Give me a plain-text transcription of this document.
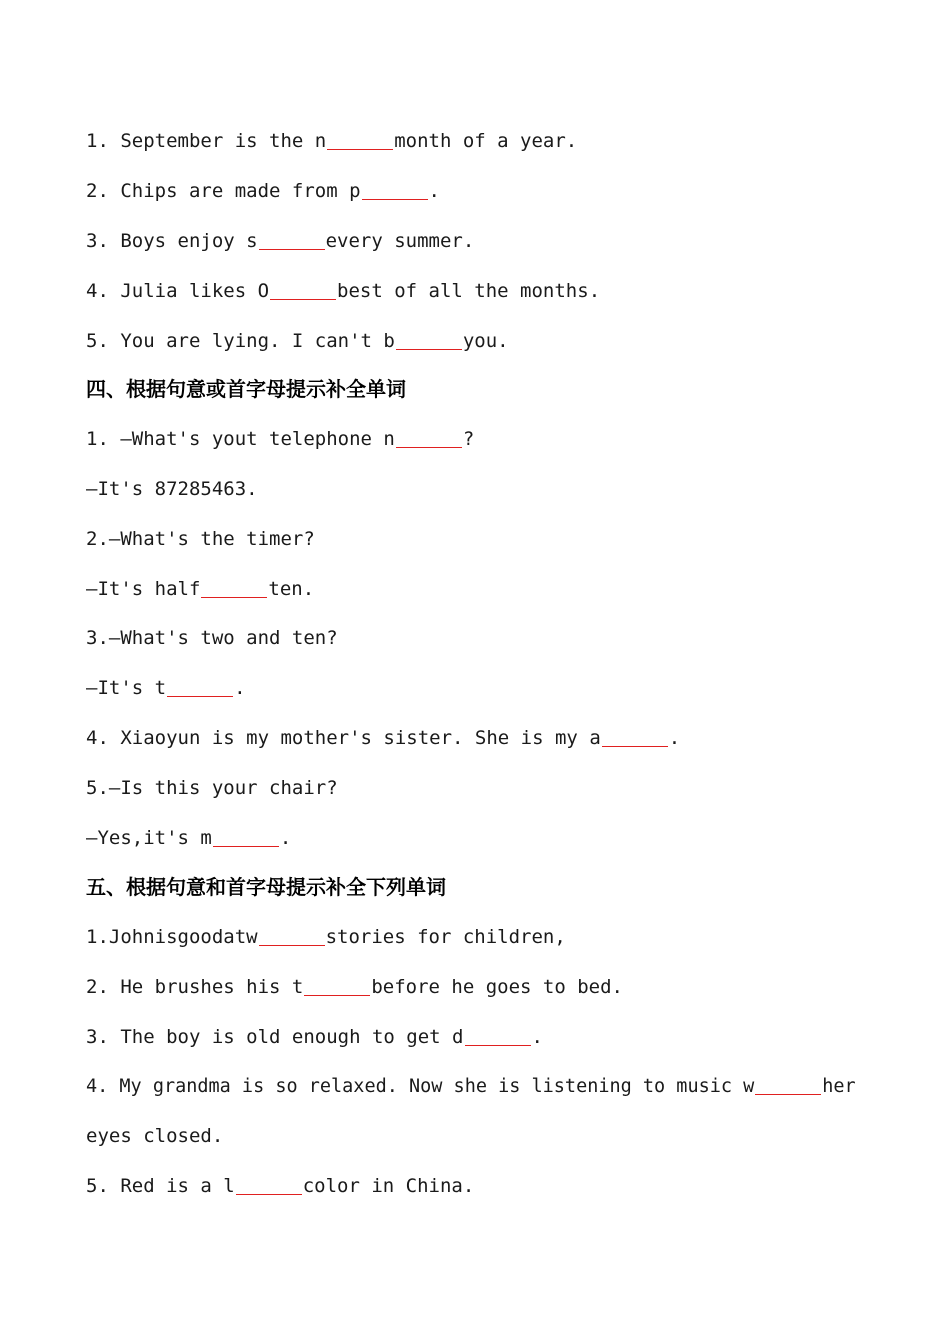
1. September is the n	month of a year.
2. Chips are made from p	.
3. Boys enjoy s	every summer.
4. Julia likes O	best of all the months.
5. You are lying. I can't b	you.
四、根据句意或首字母提示补全单词
1. —What's yout telephone n	?
—It's 87285463.
2.—What's the timer?
—It's half	ten.
3.—What's two and ten?
—It's t	.
4. Xiaoyun is my mother's sister. She is my a	.
5.—Is this your chair?
—Yes,it's m	.
五、根据句意和首字母提示补全下列单词
1.Johnisgoodatw	stories for children,
2. He brushes his t	before he goes to bed.
3. The boy is old enough to get d	.
4. My grandma is so relaxed. Now she is listening to music w	her
eyes closed.
5. Red is a l	color in China.
